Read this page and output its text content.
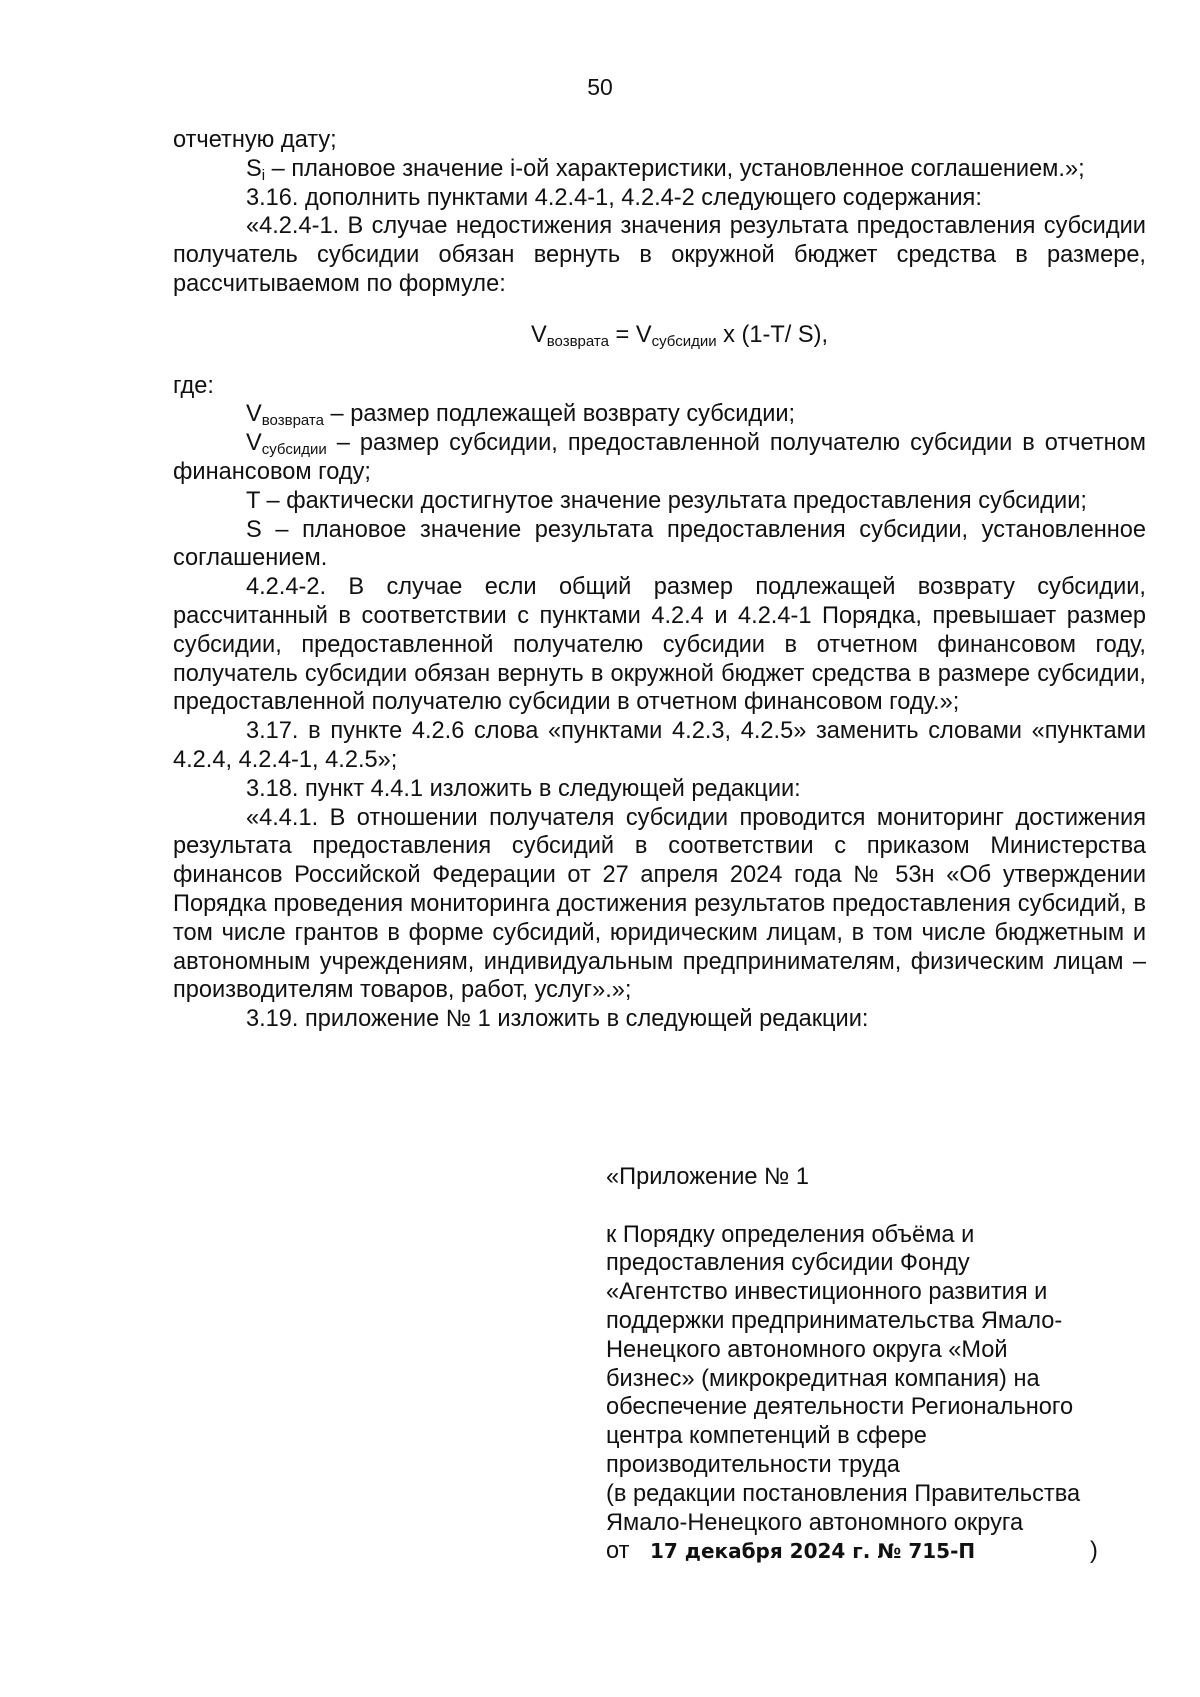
50

отчетную дату;

$S_i$ – плановое значение i-ой характеристики, установленное соглашением.»;

3.16. дополнить пунктами 4.2.4-1, 4.2.4-2 следующего содержания:

«4.2.4-1. В случае недостижения значения результата предоставления субсидии получатель субсидии обязан вернуть в окружной бюджет средства в размере, рассчитываемом по формуле:

$V_{возврата} = V_{субсидии}$ x (1-T/ S),

где:

$V_{возврата}$ – размер подлежащей возврату субсидии;

$V_{субсидии}$ – размер субсидии, предоставленной получателю субсидии в отчетном финансовом году;

T – фактически достигнутое значение результата предоставления субсидии;

S – плановое значение результата предоставления субсидии, установленное соглашением.

4.2.4-2. В случае если общий размер подлежащей возврату субсидии, рассчитанный в соответствии с пунктами 4.2.4 и 4.2.4-1 Порядка, превышает размер субсидии, предоставленной получателю субсидии в отчетном финансовом году, получатель субсидии обязан вернуть в окружной бюджет средства в размере субсидии, предоставленной получателю субсидии в отчетном финансовом году.»;

3.17. в пункте 4.2.6 слова «пунктами 4.2.3, 4.2.5» заменить словами «пунктами 4.2.4, 4.2.4-1, 4.2.5»;

3.18. пункт 4.4.1 изложить в следующей редакции:

«4.4.1. В отношении получателя субсидии проводится мониторинг достижения результата предоставления субсидий в соответствии с приказом Министерства финансов Российской Федерации от 27 апреля 2024 года № 53н «Об утверждении Порядка проведения мониторинга достижения результатов предоставления субсидий, в том числе грантов в форме субсидий, юридическим лицам, в том числе бюджетным и автономным учреждениям, индивидуальным предпринимателям, физическим лицам – производителям товаров, работ, услуг».»;

3.19. приложение № 1 изложить в следующей редакции:

«Приложение № 1

к Порядку определения объёма и
предоставления субсидии Фонду
«Агентство инвестиционного развития и
поддержки предпринимательства Ямало-
Ненецкого автономного округа «Мой
бизнес» (микрокредитная компания) на
обеспечение деятельности Регионального
центра компетенций в сфере
производительности труда
(в редакции постановления Правительства
Ямало-Ненецкого автономного округа

от	17 декабря 2024 г. № 715-П	)
